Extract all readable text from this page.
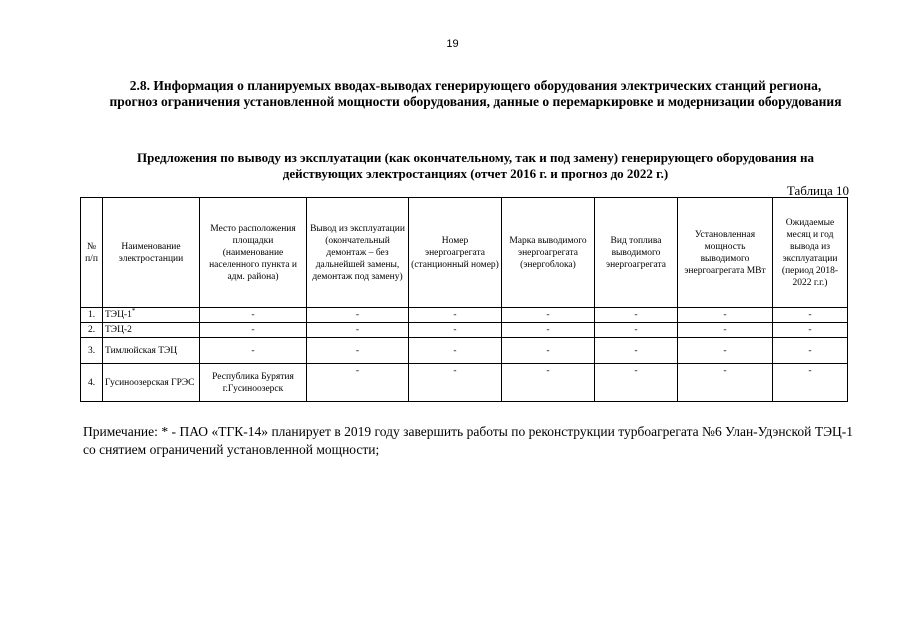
19
2.8. Информация о планируемых вводах-выводах генерирующего оборудования электрических станций региона, прогноз ограничения установленной мощности оборудования, данные о перемаркировке и модернизации оборудования
Предложения по выводу из эксплуатации (как окончательному, так и под замену) генерирующего оборудования на действующих электростанциях (отчет 2016 г. и прогноз до 2022 г.)
Таблица 10
№ п/п	Наименование электростанции	Место расположения площадки (наименование населенного пункта и адм. района)	Вывод из эксплуатации (окончательный демонтаж – без дальнейшей замены, демонтаж под замену)	Номер энергоагрегата (станционный номер)	Марка выводимого энергоагрегата (энергоблока)	Вид топлива выводимого энергоагрегата	Установленная мощность выводимого энергоагрегата МВт	Ожидаемые месяц и год вывода из эксплуатации (период 2018-2022 г.г.)
1.	ТЭЦ-1*	-	-	-	-	-	-	-
2.	ТЭЦ-2	-	-	-	-	-	-	-
3.	Тимлюйская ТЭЦ	-	-	-	-	-	-	-
4.	Гусиноозерская ГРЭС	Республика Бурятия г.Гусиноозерск	-	-	-	-	-	-
Примечание: * - ПАО «ТГК-14» планирует в 2019 году завершить работы по реконструкции турбоагрегата №6 Улан-Удэнской ТЭЦ-1 со снятием ограничений установленной мощности;
